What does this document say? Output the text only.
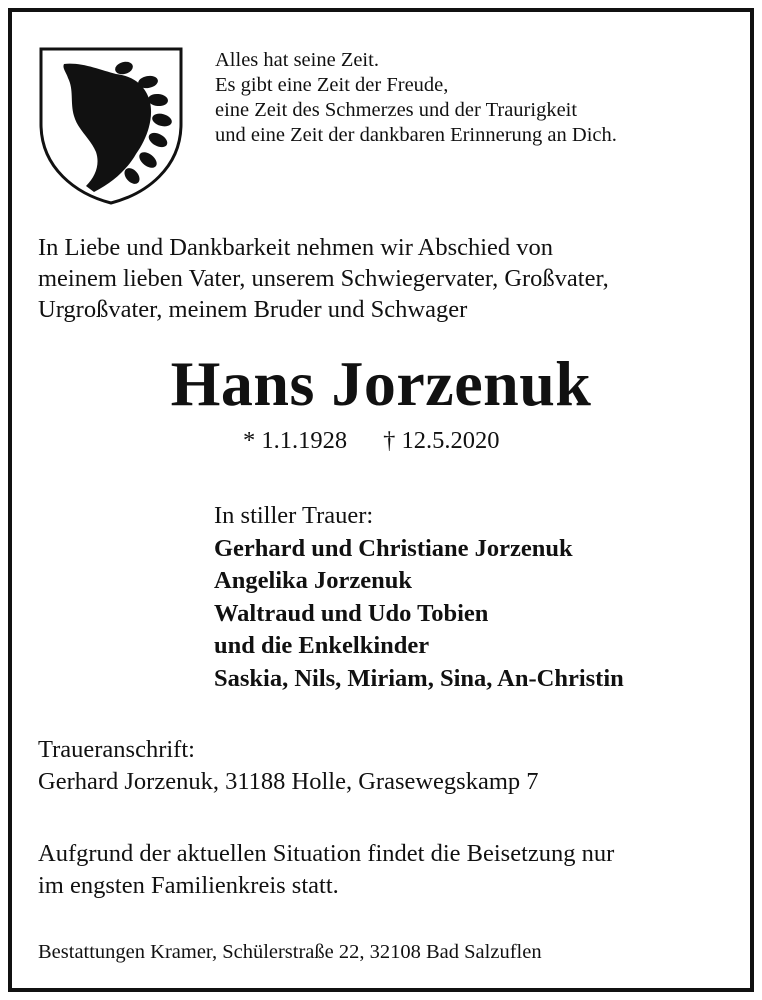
Alles hat seine Zeit.
Es gibt eine Zeit der Freude,
eine Zeit des Schmerzes und der Traurigkeit
und eine Zeit der dankbaren Erinnerung an Dich.
In Liebe und Dankbarkeit nehmen wir Abschied von
meinem lieben Vater, unserem Schwiegervater, Großvater,
Urgroßvater, meinem Bruder und Schwager
Hans Jorzenuk
* 1.1.1928 † 12.5.2020
In stiller Trauer:
Gerhard und Christiane Jorzenuk
Angelika Jorzenuk
Waltraud und Udo Tobien
und die Enkelkinder
Saskia, Nils, Miriam, Sina, An-Christin
Traueranschrift:
Gerhard Jorzenuk, 31188 Holle, Grasewegskamp 7
Aufgrund der aktuellen Situation findet die Beisetzung nur
im engsten Familienkreis statt.
Bestattungen Kramer, Schülerstraße 22, 32108 Bad Salzuflen
